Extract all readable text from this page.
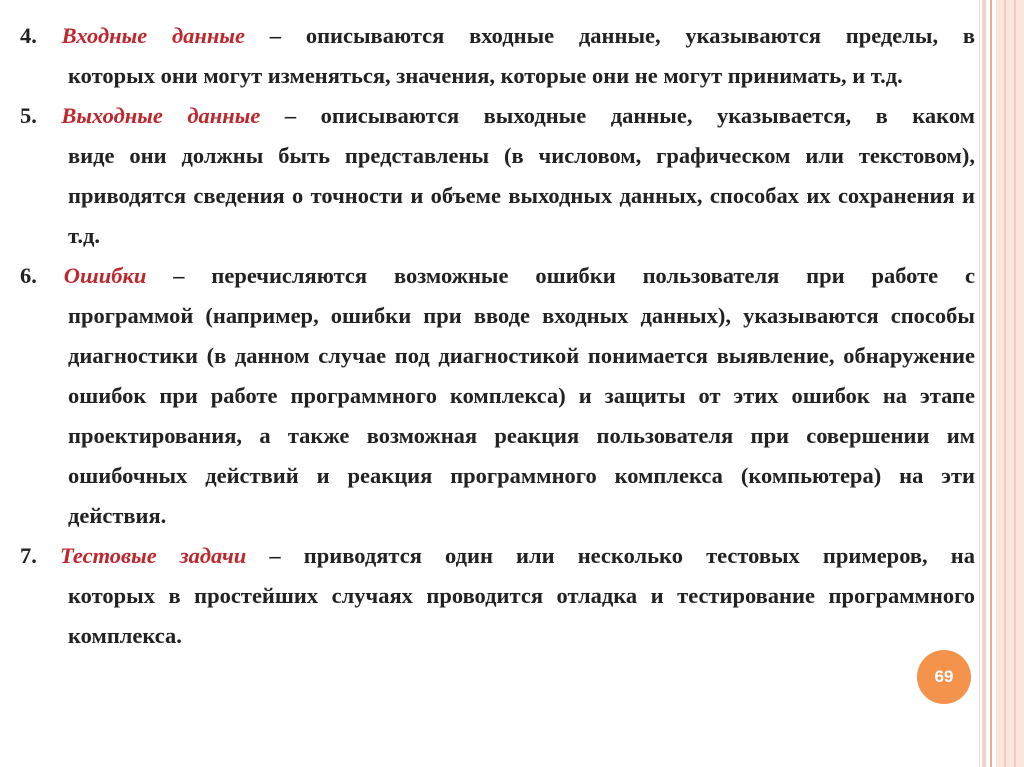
4. Входные данные – описываются входные данные, указываются пределы, в
которых они могут изменяться, значения, которые они не могут принимать, и т.д.
5. Выходные данные – описываются выходные данные, указывается, в каком
виде они должны быть представлены (в числовом, графическом или текстовом), приводятся сведения о точности и объеме выходных данных, способах их сохранения и т.д.
6. Ошибки – перечисляются возможные ошибки пользователя при работе с
программой (например, ошибки при вводе входных данных), указываются способы диагностики (в данном случае под диагностикой понимается выявление, обнаружение ошибок при работе программного комплекса) и защиты от этих ошибок на этапе проектирования, а также возможная реакция пользователя при совершении им ошибочных действий и реакция программного комплекса (компьютера) на эти действия.
7. Тестовые задачи – приводятся один или несколько тестовых примеров, на
которых в простейших случаях проводится отладка и тестирование программного комплекса.
69
